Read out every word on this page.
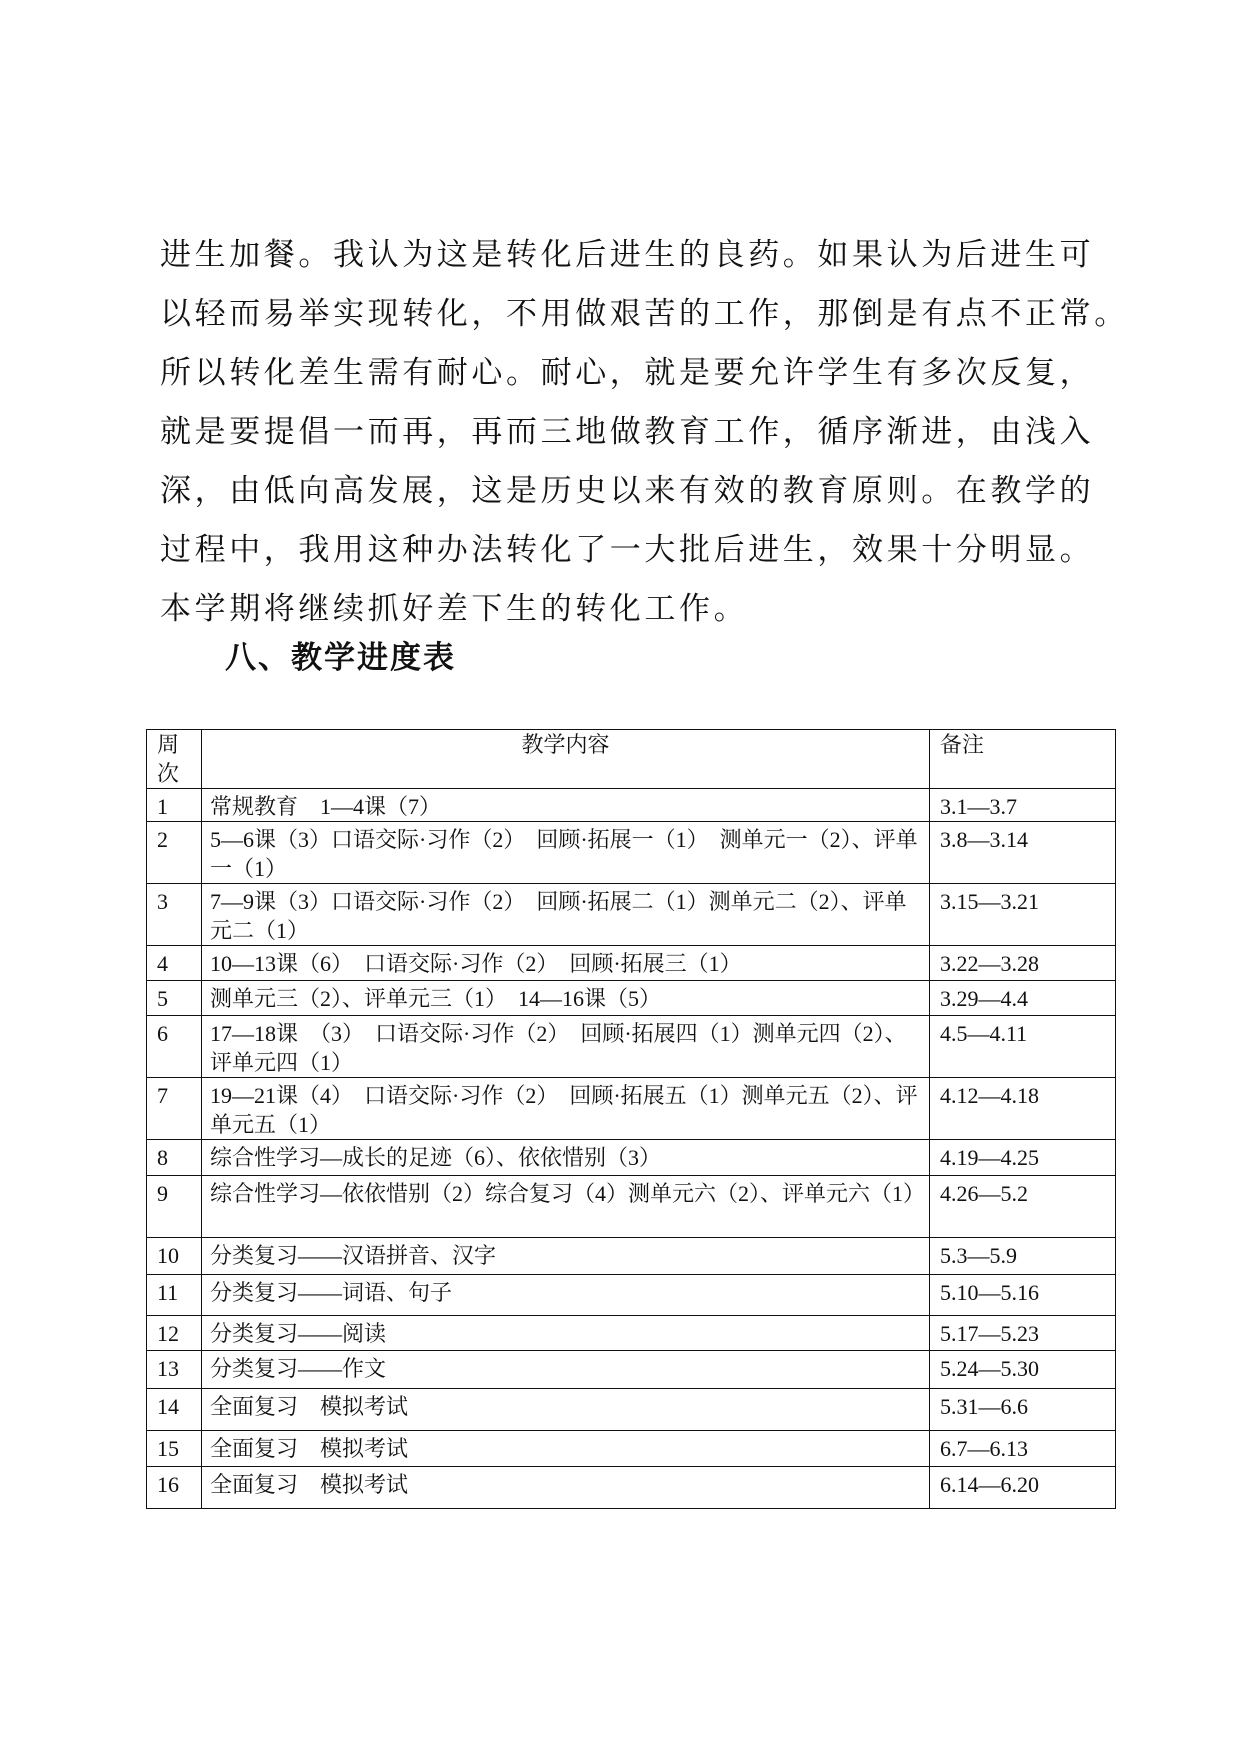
进生加餐。我认为这是转化后进生的良药。如果认为后进生可
以轻而易举实现转化，不用做艰苦的工作，那倒是有点不正常。
所以转化差生需有耐心。耐心，就是要允许学生有多次反复，
就是要提倡一而再，再而三地做教育工作，循序渐进，由浅入
深，由低向高发展，这是历史以来有效的教育原则。在教学的
过程中，我用这种办法转化了一大批后进生，效果十分明显。
本学期将继续抓好差下生的转化工作。
八、教学进度表
周次	教学内容	备注

1	常规教育　1—4课（7）	3.1—3.7

2	5—6课（3）口语交际·习作（2）　回顾·拓展一（1）　测单元一（2）、评单一（1）	3.8—3.14

3	7—9课（3）口语交际·习作（2）　回顾·拓展二（1）测单元二（2）、评单元二（1）	3.15—3.21

4	10—13课（6）　口语交际·习作（2）　回顾·拓展三（1）	3.22—3.28

5	测单元三（2）、评单元三（1）　14—16课（5）	3.29—4.4

6	17—18课　（3）　口语交际·习作（2）　回顾·拓展四（1）测单元四（2）、评单元四（1）	4.5—4.11

7	19—21课（4）　口语交际·习作（2）　回顾·拓展五（1）测单元五（2）、评单元五（1）	4.12—4.18

8	综合性学习—成长的足迹（6）、依依惜别（3）	4.19—4.25

9	综合性学习—依依惜别（2）综合复习（4）测单元六（2）、评单元六（1）	4.26—5.2

10	分类复习——汉语拼音、汉字	5.3—5.9

11	分类复习——词语、句子	5.10—5.16

12	分类复习——阅读	5.17—5.23

13	分类复习——作文	5.24—5.30

14	全面复习　模拟考试	5.31—6.6

15	全面复习　模拟考试	6.7—6.13

16	全面复习　模拟考试	6.14—6.20
